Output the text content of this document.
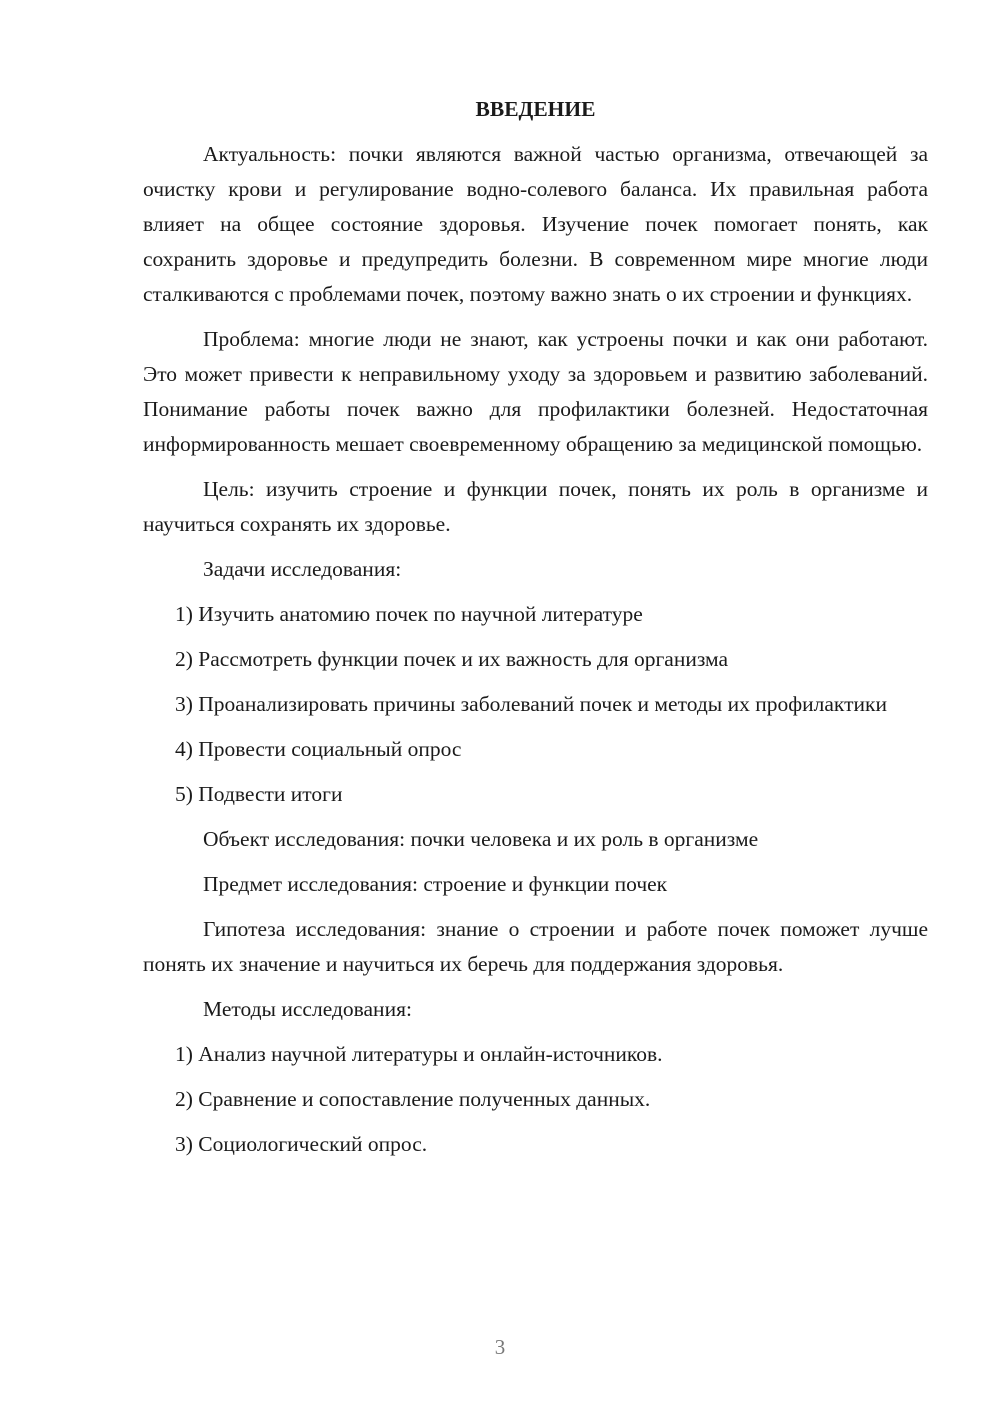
ВВЕДЕНИЕ

Актуальность: почки являются важной частью организма, отвечающей за очистку крови и регулирование водно-солевого баланса. Их правильная работа влияет на общее состояние здоровья. Изучение почек помогает понять, как сохранить здоровье и предупредить болезни. В современном мире многие люди сталкиваются с проблемами почек, поэтому важно знать о их строении и функциях.

Проблема: многие люди не знают, как устроены почки и как они работают. Это может привести к неправильному уходу за здоровьем и развитию заболеваний. Понимание работы почек важно для профилактики болезней. Недостаточная информированность мешает своевременному обращению за медицинской помощью.

Цель: изучить строение и функции почек, понять их роль в организме и научиться сохранять их здоровье.

Задачи исследования:

1) Изучить анатомию почек по научной литературе

2) Рассмотреть функции почек и их важность для организма

3) Проанализировать причины заболеваний почек и методы их профилактики

4) Провести социальный опрос

5) Подвести итоги

Объект исследования: почки человека и их роль в организме

Предмет исследования: строение и функции почек

Гипотеза исследования: знание о строении и работе почек поможет лучше понять их значение и научиться их беречь для поддержания здоровья.

Методы исследования:

1) Анализ научной литературы и онлайн-источников.

2) Сравнение и сопоставление полученных данных.

3) Социологический опрос.

3
